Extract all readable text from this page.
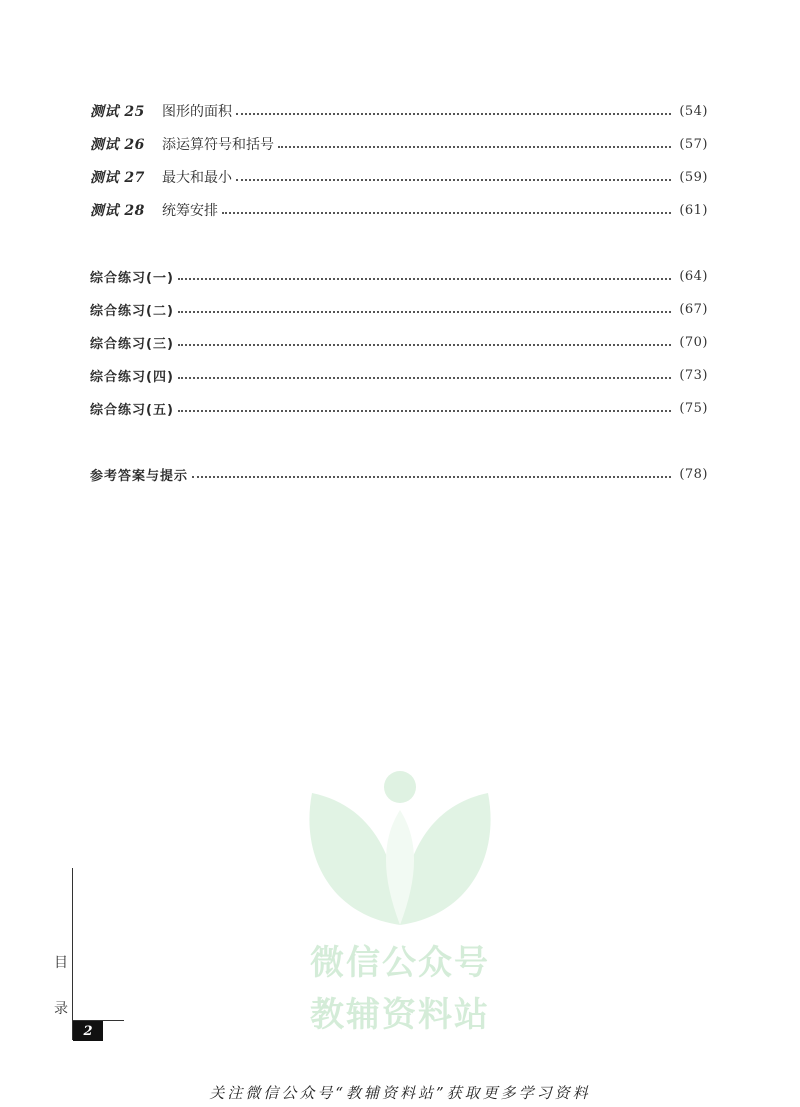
测试 25	图形的面积	(54)
测试 26	添运算符号和括号	(57)
测试 27	最大和最小	(59)
测试 28	统筹安排	(61)
综合练习(一)	(64)
综合练习(二)	(67)
综合练习(三)	(70)
综合练习(四)	(73)
综合练习(五)	(75)
参考答案与提示	(78)
微信公众号
教辅资料站
目
录
2
关注微信公众号“教辅资料站”获取更多学习资料
